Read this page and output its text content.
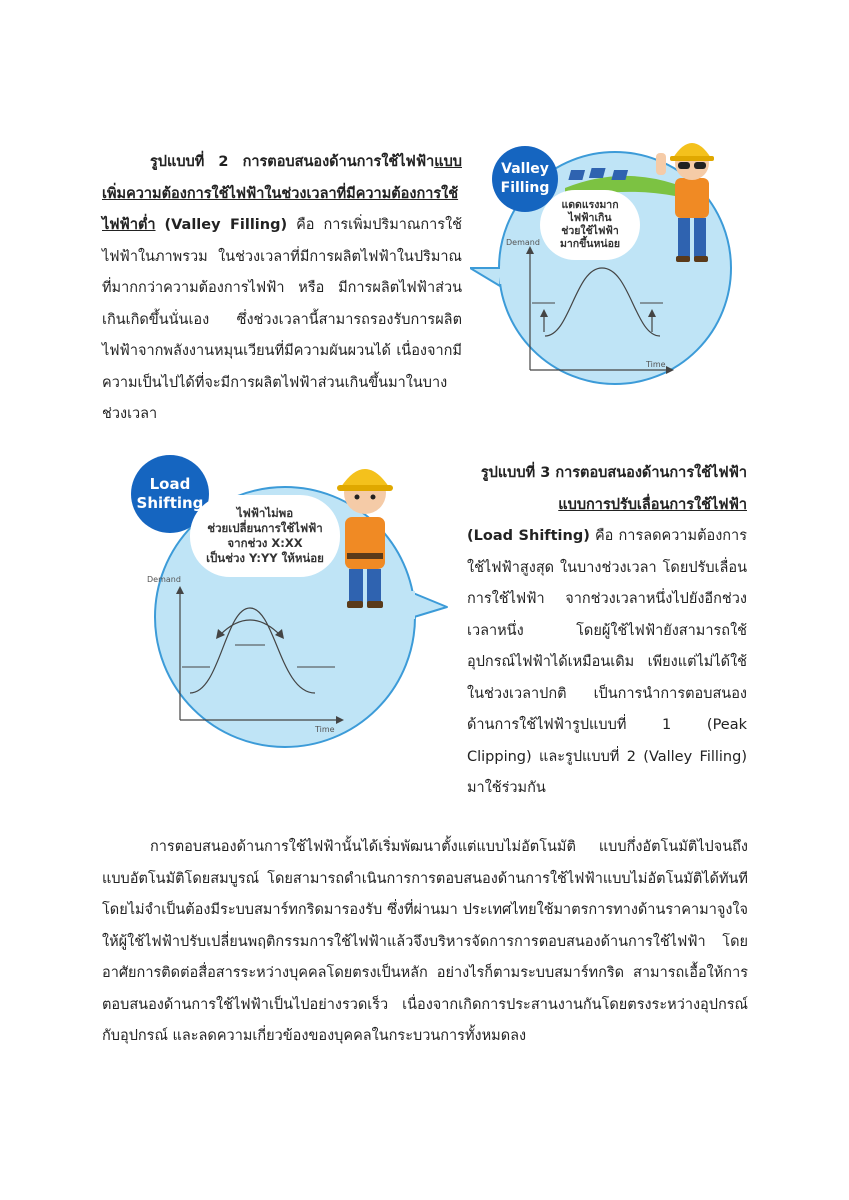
รูปแบบที่ 2 การตอบสนองด้านการใช้ไฟฟ้าแบบเพิ่มความต้องการใช้ไฟฟ้าในช่วงเวลาที่มีความต้องการใช้ไฟฟ้าต่ำ (Valley Filling) คือ การเพิ่มปริมาณการใช้ไฟฟ้าในภาพรวม ในช่วงเวลาที่มีการผลิตไฟฟ้าในปริมาณที่มากกว่าความต้องการไฟฟ้า หรือ มีการผลิตไฟฟ้าส่วนเกินเกิดขึ้นนั่นเอง ซึ่งช่วงเวลานี้สามารถรองรับการผลิตไฟฟ้าจากพลังงานหมุนเวียนที่มีความผันผวนได้ เนื่องจากมีความเป็นไปได้ที่จะมีการผลิตไฟฟ้าส่วนเกินขึ้นมาในบางช่วงเวลา
Valley
Filling
แดดแรงมาก
ไฟฟ้าเกิน
ช่วยใช้ไฟฟ้า
มากขึ้นหน่อย
Demand
Time
Load
Shifting
ไฟฟ้าไม่พอ
ช่วยเปลี่ยนการใช้ไฟฟ้า
จากช่วง X:XX
เป็นช่วง Y:YY ให้หน่อย
Demand
Time
รูปแบบที่ 3 การตอบสนองด้านการใช้ไฟฟ้าแบบการปรับเลื่อนการใช้ไฟฟ้า
(Load Shifting) คือ การลดความต้องการใช้ไฟฟ้าสูงสุด ในบางช่วงเวลา โดยปรับเลื่อนการใช้ไฟฟ้า จากช่วงเวลาหนึ่งไปยังอีกช่วงเวลาหนึ่ง โดยผู้ใช้ไฟฟ้ายังสามารถใช้อุปกรณ์ไฟฟ้าได้เหมือนเดิม เพียงแต่ไม่ได้ใช้ในช่วงเวลาปกติ เป็นการนำการตอบสนองด้านการใช้ไฟฟ้ารูปแบบที่ 1 (Peak Clipping) และรูปแบบที่ 2 (Valley Filling) มาใช้ร่วมกัน
การตอบสนองด้านการใช้ไฟฟ้านั้นได้เริ่มพัฒนาตั้งแต่แบบไม่อัตโนมัติ แบบกึ่งอัตโนมัติไปจนถึงแบบอัตโนมัติโดยสมบูรณ์ โดยสามารถดำเนินการการตอบสนองด้านการใช้ไฟฟ้าแบบไม่อัตโนมัติได้ทันที โดยไม่จำเป็นต้องมีระบบสมาร์ทกริดมารองรับ ซึ่งที่ผ่านมา ประเทศไทยใช้มาตรการทางด้านราคามาจูงใจ ให้ผู้ใช้ไฟฟ้าปรับเปลี่ยนพฤติกรรมการใช้ไฟฟ้าแล้วจึงบริหารจัดการการตอบสนองด้านการใช้ไฟฟ้า โดยอาศัยการติดต่อสื่อสารระหว่างบุคคลโดยตรงเป็นหลัก อย่างไรก็ตามระบบสมาร์ทกริด สามารถเอื้อให้การตอบสนองด้านการใช้ไฟฟ้าเป็นไปอย่างรวดเร็ว เนื่องจากเกิดการประสานงานกันโดยตรงระหว่างอุปกรณ์กับอุปกรณ์ และลดความเกี่ยวข้องของบุคคลในกระบวนการทั้งหมดลง
